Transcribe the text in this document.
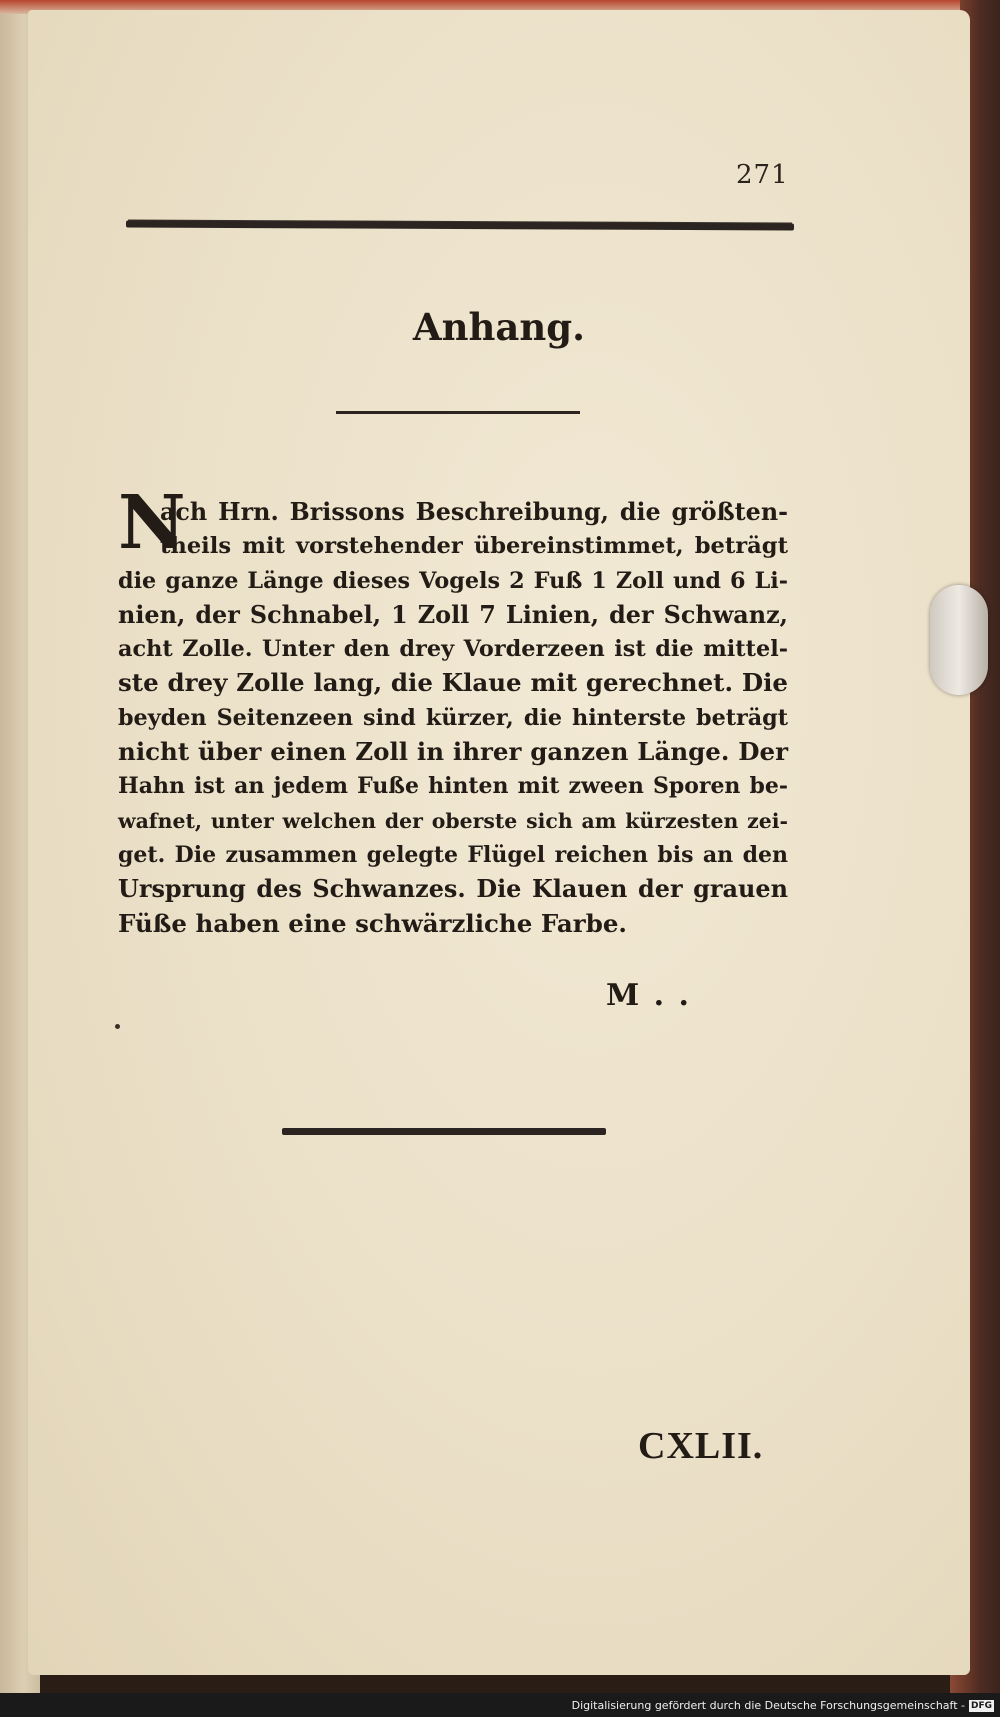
271
Anhang.
N
ach Hrn. Brissons Beschreibung, die größten-
theils mit vorstehender übereinstimmet, beträgt
die ganze Länge dieses Vogels 2 Fuß 1 Zoll und 6 Li-
nien, der Schnabel, 1 Zoll 7 Linien, der Schwanz,
acht Zolle. Unter den drey Vorderzeen ist die mittel-
ste drey Zolle lang, die Klaue mit gerechnet. Die
beyden Seitenzeen sind kürzer, die hinterste beträgt
nicht über einen Zoll in ihrer ganzen Länge. Der
Hahn ist an jedem Fuße hinten mit zween Sporen be-
wafnet, unter welchen der oberste sich am kürzesten zei-
get. Die zusammen gelegte Flügel reichen bis an den
Ursprung des Schwanzes. Die Klauen der grauen
Füße haben eine schwärzliche Farbe.
M . .
CXLII.
Digitalisierung gefördert durch die Deutsche Forschungsgemeinschaft - DFG
